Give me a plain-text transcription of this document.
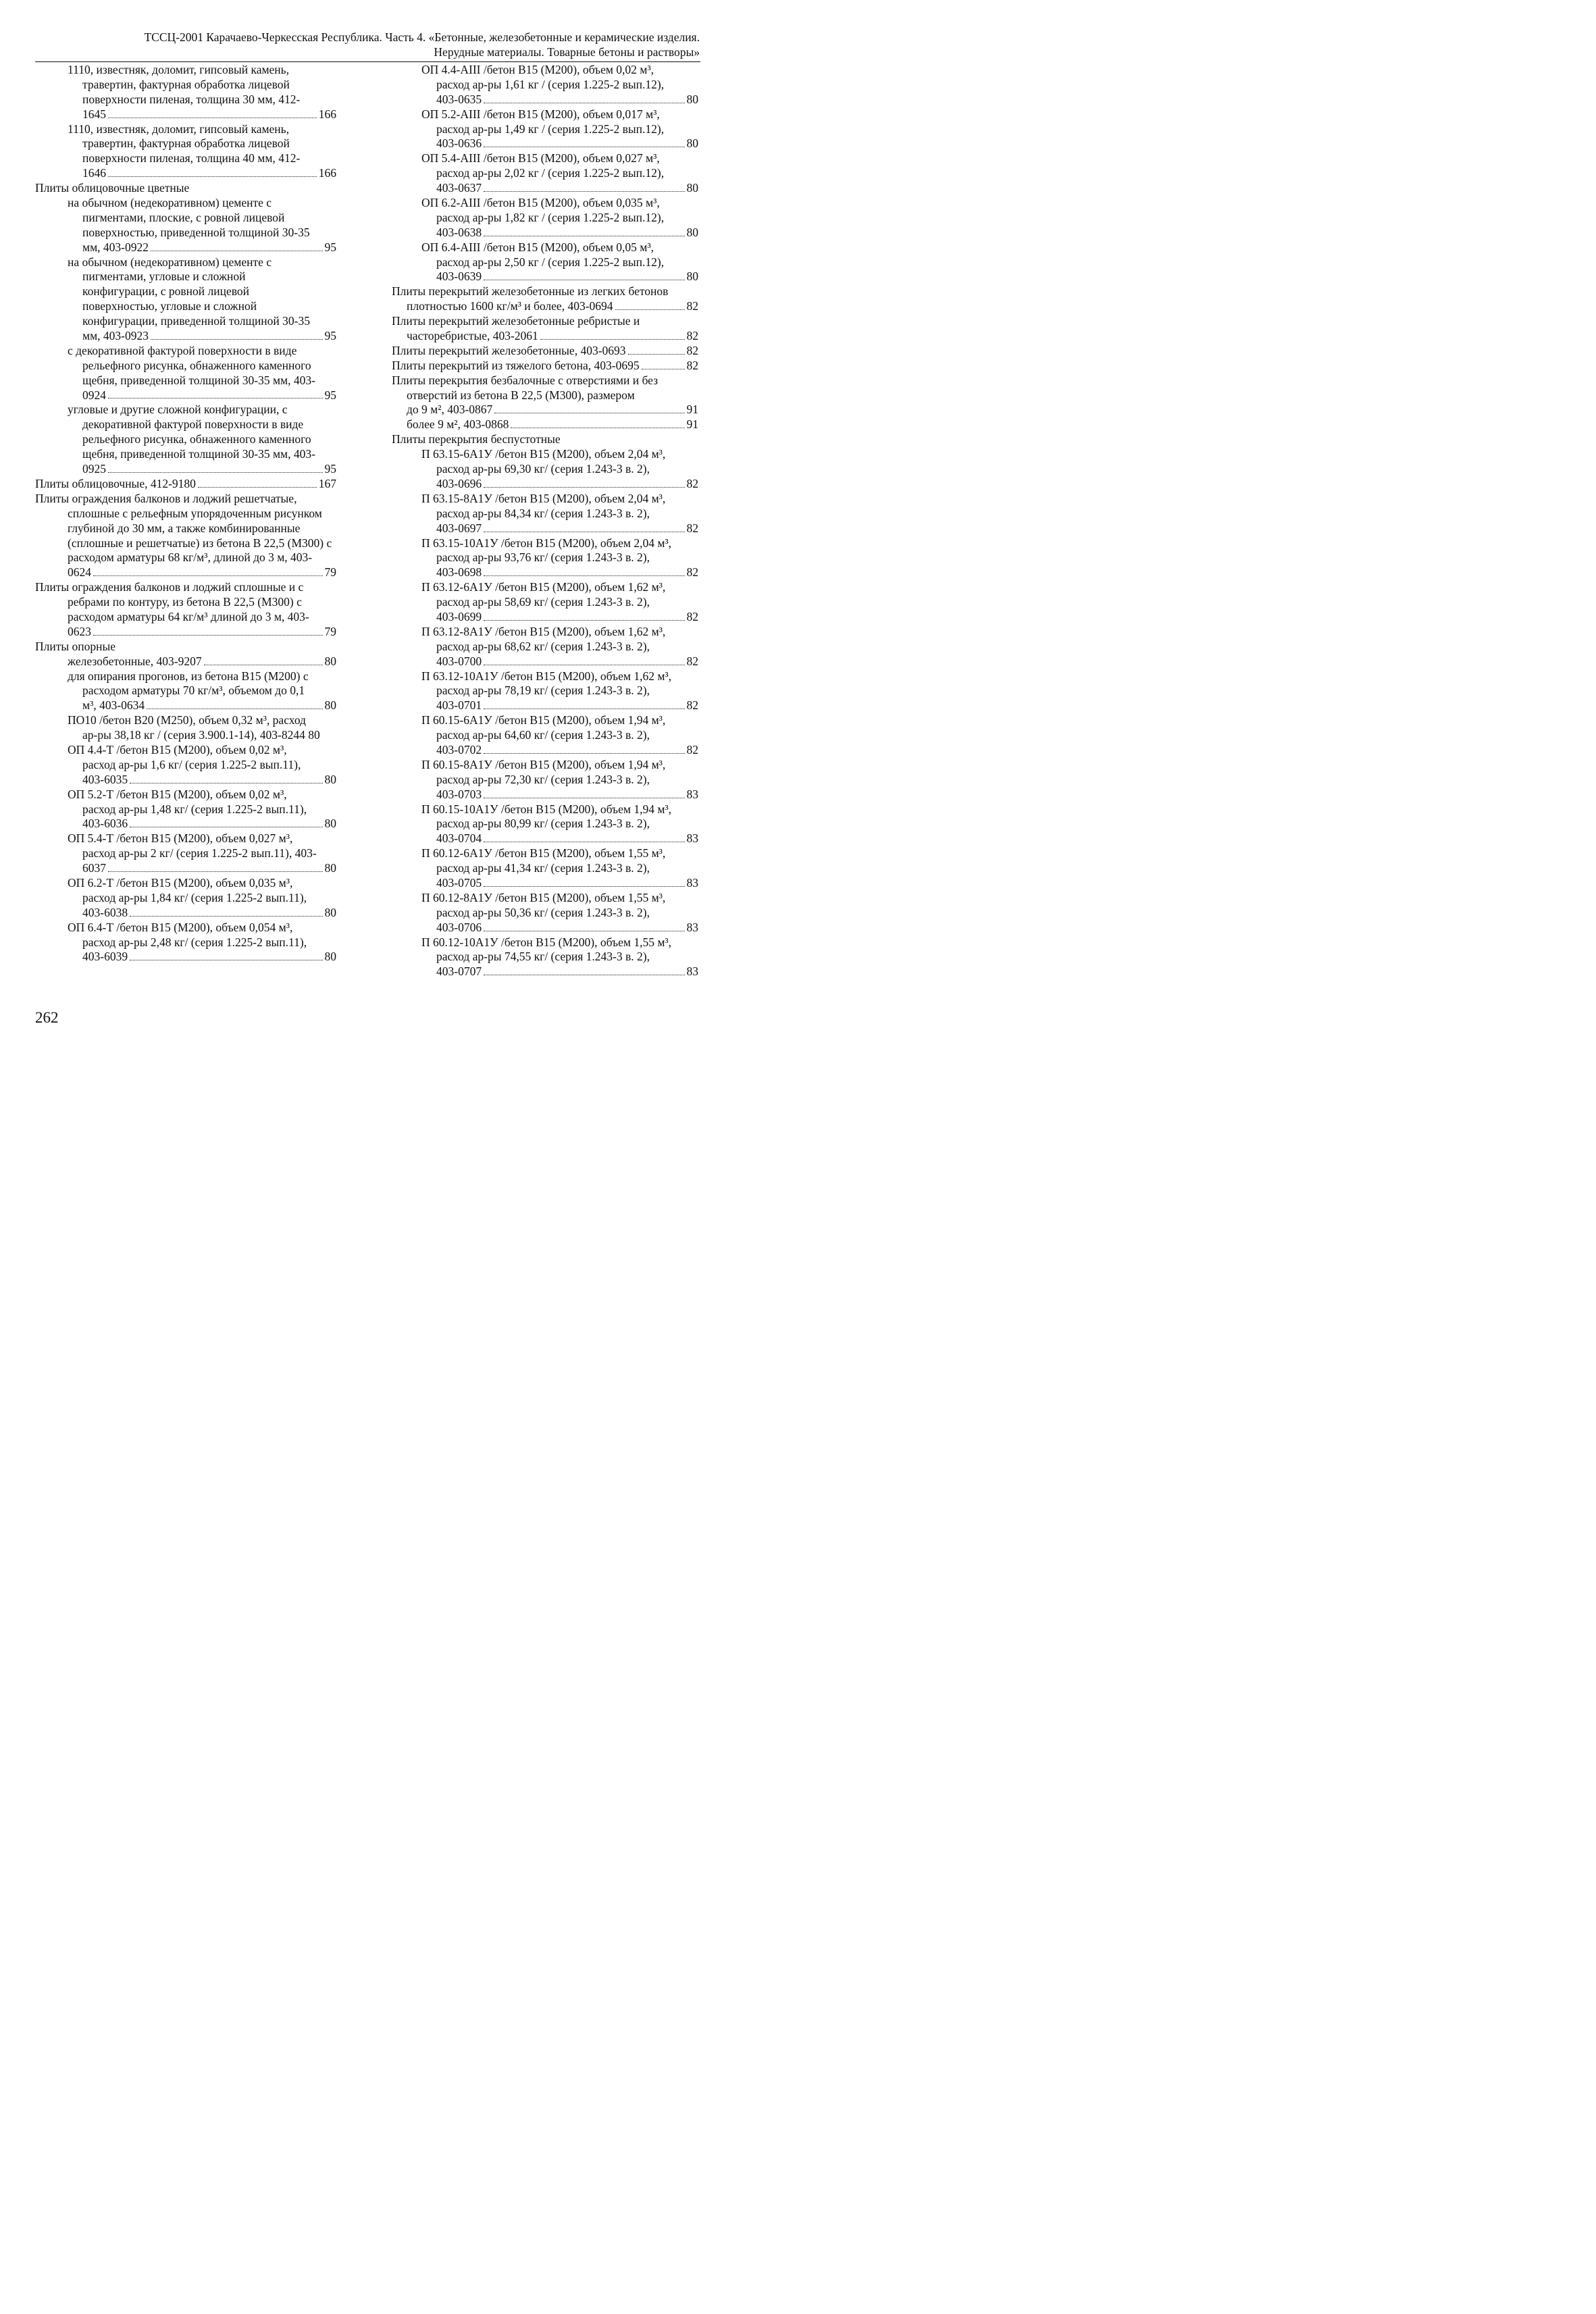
ТССЦ-2001 Карачаево-Черкесская Республика. Часть 4. «Бетонные, железобетонные и керамические изделия.
Нерудные материалы. Товарные бетоны и растворы»
1110, известняк, доломит, гипсовый камень,
травертин, фактурная обработка лицевой
поверхности пиленая, толщина 30 мм, 412-
1645	166
1110, известняк, доломит, гипсовый камень,
травертин, фактурная обработка лицевой
поверхности пиленая, толщина 40 мм, 412-
1646	166
Плиты облицовочные цветные
на обычном (недекоративном) цементе с
пигментами, плоские, с ровной лицевой
поверхностью, приведенной толщиной 30-35
мм, 403-0922	95
на обычном (недекоративном) цементе с
пигментами, угловые и сложной
конфигурации, с ровной лицевой
поверхностью, угловые и сложной
конфигурации, приведенной толщиной 30-35
мм, 403-0923	95
с декоративной фактурой поверхности в виде
рельефного рисунка, обнаженного каменного
щебня, приведенной толщиной 30-35 мм, 403-
0924	95
угловые и другие сложной конфигурации, с
декоративной фактурой поверхности в виде
рельефного рисунка, обнаженного каменного
щебня, приведенной толщиной 30-35 мм, 403-
0925	95
Плиты облицовочные, 412-9180	167
Плиты ограждения балконов и лоджий решетчатые,
сплошные с рельефным упорядоченным рисунком
глубиной до 30 мм, а также комбинированные
(сплошные и решетчатые) из бетона В 22,5 (М300) с
расходом арматуры 68 кг/м³, длиной до 3 м, 403-
0624	79
Плиты ограждения балконов и лоджий сплошные и с
ребрами по контуру, из бетона В 22,5 (М300) с
расходом арматуры 64 кг/м³ длиной до 3 м, 403-
0623	79
Плиты опорные
железобетонные, 403-9207	80
для опирания прогонов, из бетона В15 (М200) с
расходом арматуры 70 кг/м³, объемом до 0,1
м³, 403-0634	80
ПО10 /бетон В20 (М250), объем 0,32 м³, расход
ар-ры 38,18 кг / (серия 3.900.1-14), 403-8244 80
ОП 4.4-Т /бетон В15 (М200), объем 0,02 м³,
расход ар-ры 1,6 кг/ (серия 1.225-2 вып.11),
403-6035	80
ОП 5.2-Т /бетон В15 (М200), объем 0,02 м³,
расход ар-ры 1,48 кг/ (серия 1.225-2 вып.11),
403-6036	80
ОП 5.4-Т /бетон В15 (М200), объем 0,027 м³,
расход ар-ры 2 кг/ (серия 1.225-2 вып.11), 403-
6037	80
ОП 6.2-Т /бетон В15 (М200), объем 0,035 м³,
расход ар-ры 1,84 кг/ (серия 1.225-2 вып.11),
403-6038	80
ОП 6.4-Т /бетон В15 (М200), объем 0,054 м³,
расход ар-ры 2,48 кг/ (серия 1.225-2 вып.11),
403-6039	80
ОП 4.4-АIII /бетон В15 (М200), объем 0,02 м³,
расход ар-ры 1,61 кг / (серия 1.225-2 вып.12),
403-0635	80
ОП 5.2-АIII /бетон В15 (М200), объем 0,017 м³,
расход ар-ры 1,49 кг / (серия 1.225-2 вып.12),
403-0636	80
ОП 5.4-АIII /бетон В15 (М200), объем 0,027 м³,
расход ар-ры 2,02 кг / (серия 1.225-2 вып.12),
403-0637	80
ОП 6.2-АIII /бетон В15 (М200), объем 0,035 м³,
расход ар-ры 1,82 кг / (серия 1.225-2 вып.12),
403-0638	80
ОП 6.4-АIII /бетон В15 (М200), объем 0,05 м³,
расход ар-ры 2,50 кг / (серия 1.225-2 вып.12),
403-0639	80
Плиты перекрытий железобетонные из легких бетонов
плотностью 1600 кг/м³ и более, 403-0694	82
Плиты перекрытий железобетонные ребристые и
часторебристые, 403-2061	82
Плиты перекрытий железобетонные, 403-0693	82
Плиты перекрытий из тяжелого бетона, 403-0695	82
Плиты перекрытия безбалочные с отверстиями и без
отверстий из бетона В 22,5 (М300), размером
до 9 м², 403-0867	91
более 9 м², 403-0868	91
Плиты перекрытия беспустотные
П 63.15-6А1У /бетон В15 (М200), объем 2,04 м³,
расход ар-ры 69,30 кг/ (серия 1.243-3 в. 2),
403-0696	82
П 63.15-8А1У /бетон В15 (М200), объем 2,04 м³,
расход ар-ры 84,34 кг/ (серия 1.243-3 в. 2),
403-0697	82
П 63.15-10А1У /бетон В15 (М200), объем 2,04 м³,
расход ар-ры 93,76 кг/ (серия 1.243-3 в. 2),
403-0698	82
П 63.12-6А1У /бетон В15 (М200), объем 1,62 м³,
расход ар-ры 58,69 кг/ (серия 1.243-3 в. 2),
403-0699	82
П 63.12-8А1У /бетон В15 (М200), объем 1,62 м³,
расход ар-ры 68,62 кг/ (серия 1.243-3 в. 2),
403-0700	82
П 63.12-10А1У /бетон В15 (М200), объем 1,62 м³,
расход ар-ры 78,19 кг/ (серия 1.243-3 в. 2),
403-0701	82
П 60.15-6А1У /бетон В15 (М200), объем 1,94 м³,
расход ар-ры 64,60 кг/ (серия 1.243-3 в. 2),
403-0702	82
П 60.15-8А1У /бетон В15 (М200), объем 1,94 м³,
расход ар-ры 72,30 кг/ (серия 1.243-3 в. 2),
403-0703	83
П 60.15-10А1У /бетон В15 (М200), объем 1,94 м³,
расход ар-ры 80,99 кг/ (серия 1.243-3 в. 2),
403-0704	83
П 60.12-6А1У /бетон В15 (М200), объем 1,55 м³,
расход ар-ры 41,34 кг/ (серия 1.243-3 в. 2),
403-0705	83
П 60.12-8А1У /бетон В15 (М200), объем 1,55 м³,
расход ар-ры 50,36 кг/ (серия 1.243-3 в. 2),
403-0706	83
П 60.12-10А1У /бетон В15 (М200), объем 1,55 м³,
расход ар-ры 74,55 кг/ (серия 1.243-3 в. 2),
403-0707	83
262
